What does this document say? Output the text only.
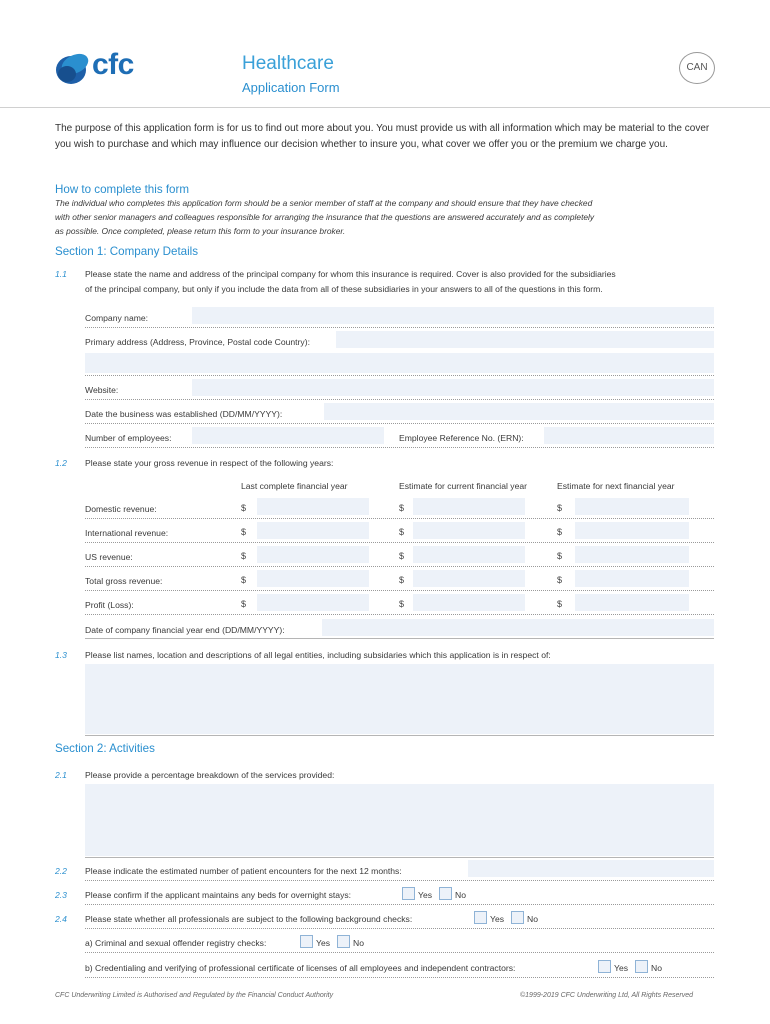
cfc	Healthcare
Application Form
CAN
The purpose of this application form is for us to find out more about you. You must provide us with all information which may be material to the cover you wish to purchase and which may influence our decision whether to insure you, what cover we offer you or the premium we charge you.
How to complete this form
The individual who completes this application form should be a senior member of staff at the company and should ensure that they have checked
with other senior managers and colleagues responsible for arranging the insurance that the questions are answered accurately and as completely
as possible. Once completed, please return this form to your insurance broker.
Section 1: Company Details
1.1 Please state the name and address of the principal company for whom this insurance is required. Cover is also provided for the subsidiaries
of the principal company, but only if you include the data from all of these subsidiaries in your answers to all of the questions in this form.
Company name:
Primary address (Address, Province, Postal code Country):
Website:
Date the business was established (DD/MM/YYYY):
Number of employees:	Employee Reference No. (ERN):
1.2 Please state your gross revenue in respect of the following years:
Last complete financial year	Estimate for current financial year	Estimate for next financial year
Domestic revenue:	$	$	$
International revenue:	$	$	$
US revenue:	$	$	$
Total gross revenue:	$	$	$
Profit (Loss):	$	$	$
Date of company financial year end (DD/MM/YYYY):
1.3 Please list names, location and descriptions of all legal entities, including subsidaries which this application is in respect of:
Section 2: Activities
2.1 Please provide a percentage breakdown of the services provided:
2.2 Please indicate the estimated number of patient encounters for the next 12 months:
2.3 Please confirm if the applicant maintains any beds for overnight stays:	Yes	No
2.4 Please state whether all professionals are subject to the following background checks:	Yes	No
a) Criminal and sexual offender registry checks:	Yes	No
b) Credentialing and verifying of professional certificate of licenses of all employees and independent contractors:	Yes	No
CFC Underwriting Limited is Authorised and Regulated by the Financial Conduct Authority	©1999-2019 CFC Underwriting Ltd, All Rights Reserved
